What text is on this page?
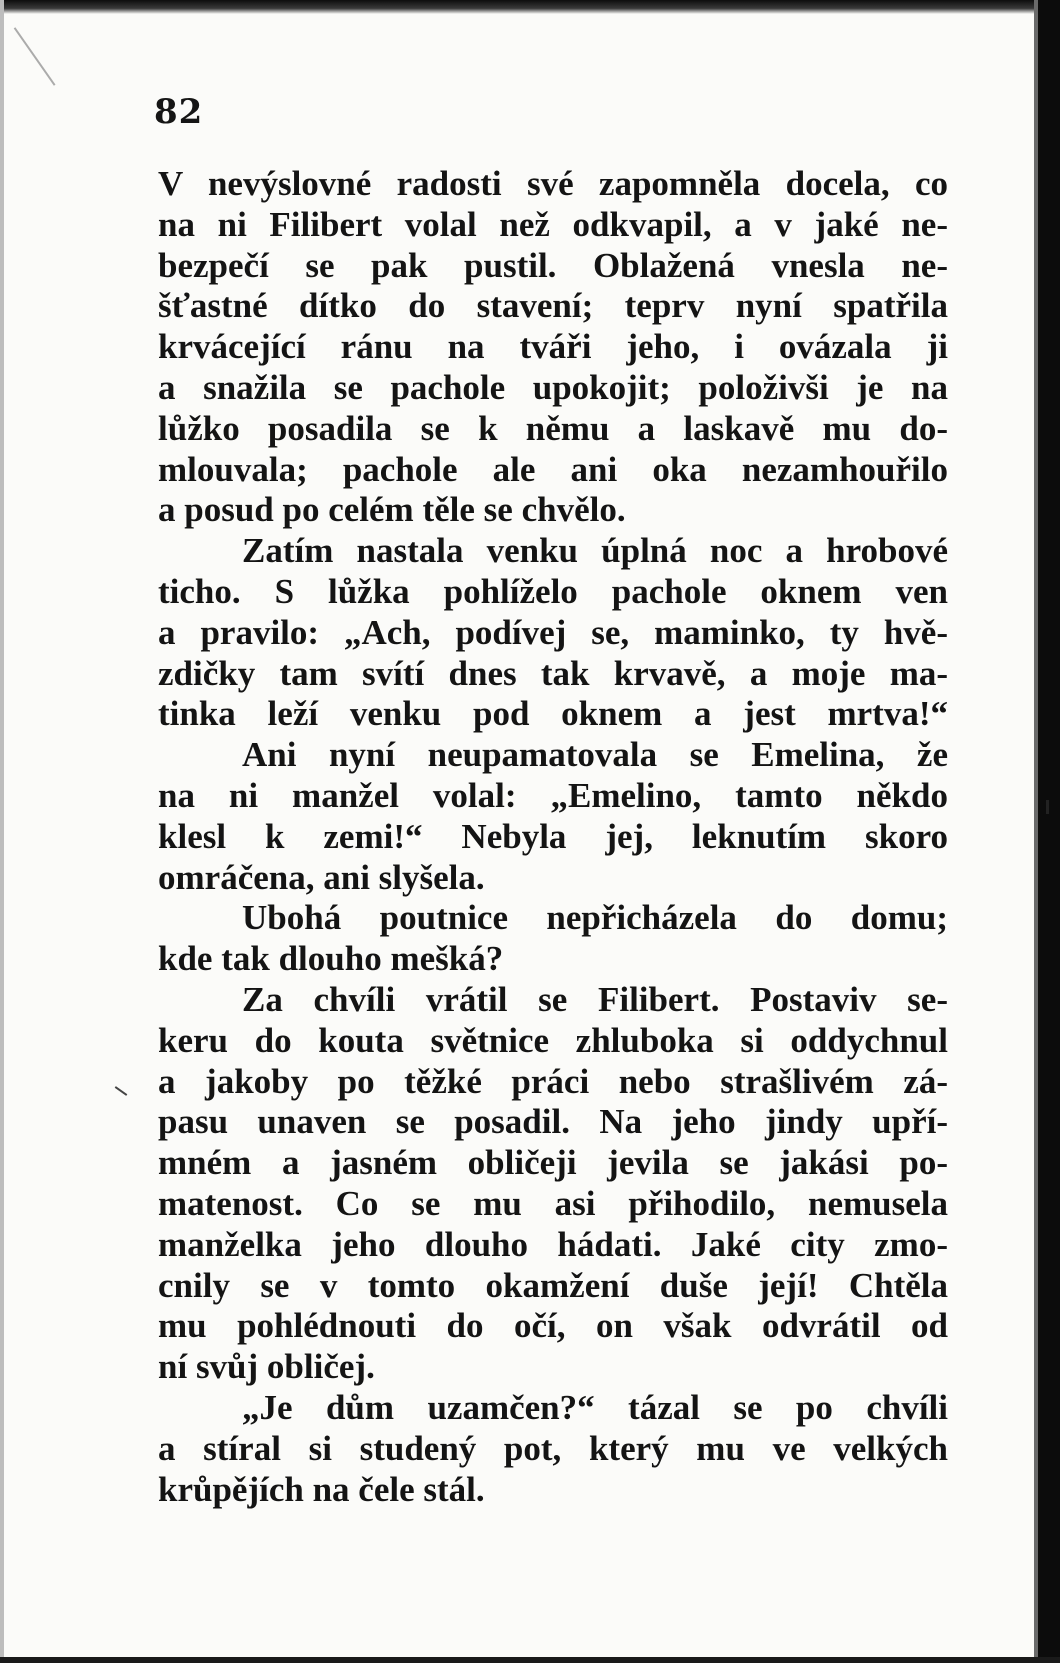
82
V nevýslovné radosti své zapomněla docela, co
na ni Filibert volal než odkvapil, a v jaké ne-
bezpečí se pak pustil. Oblažená vnesla ne-
šťastné dítko do stavení; teprv nyní spatřila
krvácející ránu na tváři jeho, i ovázala ji
a snažila se pachole upokojit; položivši je na
lůžko posadila se k němu a laskavě mu do-
mlouvala; pachole ale ani oka nezamhouřilo
a posud po celém těle se chvělo.
Zatím nastala venku úplná noc a hrobové
ticho. S lůžka pohlíželo pachole oknem ven
a pravilo: „Ach, podívej se, maminko, ty hvě-
zdičky tam svítí dnes tak krvavě, a moje ma-
tinka leží venku pod oknem a jest mrtva!“
Ani nyní neupamatovala se Emelina, že
na ni manžel volal: „Emelino, tamto někdo
klesl k zemi!“ Nebyla jej, leknutím skoro
omráčena, ani slyšela.
Ubohá poutnice nepřicházela do domu;
kde tak dlouho mešká?
Za chvíli vrátil se Filibert. Postaviv se-
keru do kouta světnice zhluboka si oddychnul
a jakoby po těžké práci nebo strašlivém zá-
pasu unaven se posadil. Na jeho jindy upří-
mném a jasném obličeji jevila se jakási po-
matenost. Co se mu asi přihodilo, nemusela
manželka jeho dlouho hádati. Jaké city zmo-
cnily se v tomto okamžení duše její! Chtěla
mu pohlédnouti do očí, on však odvrátil od
ní svůj obličej.
„Je dům uzamčen?“ tázal se po chvíli
a stíral si studený pot, který mu ve velkých
krůpějích na čele stál.
